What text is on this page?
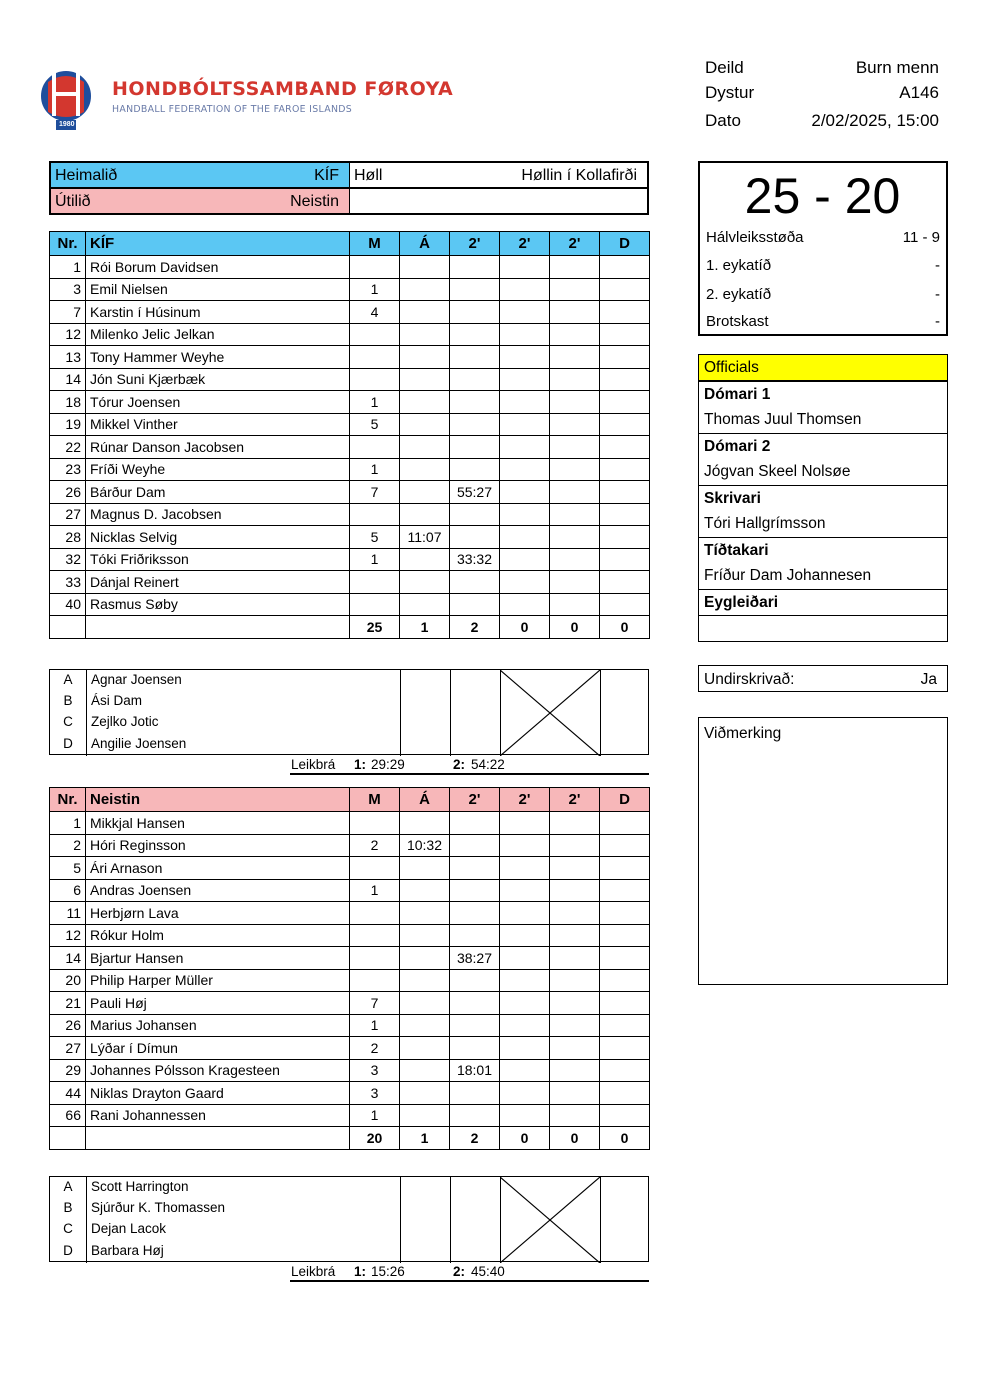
1980
HONDBÓLTSSAMBAND FØROYA
HANDBALL FEDERATION OF THE FAROE ISLANDS
Deild	Burn menn
Dystur	A146
Dato	2/02/2025, 15:00
Heimalið	KÍF
Útilið	Neistin
Høll	Høllin í Kollafirði
Nr.	KÍF	M	Á	2'	2'	2'	D
1	Rói Borum Davidsen						
3	Emil Nielsen	1					
7	Karstin í Húsinum	4					
12	Milenko Jelic Jelkan						
13	Tony Hammer Weyhe						
14	Jón Suni Kjærbæk						
18	Tórur Joensen	1					
19	Mikkel Vinther	5					
22	Rúnar Danson Jacobsen						
23	Fríði Weyhe	1					
26	Bárður Dam	7		55:27			
27	Magnus D. Jacobsen						
28	Nicklas Selvig	5	11:07				
32	Tóki Friðriksson	1		33:32			
33	Dánjal Reinert						
40	Rasmus Søby						
		25	1	2	0	0	0
A	Agnar Joensen
B	Ási Dam
C	Zejlko Jotic
D	Angilie Joensen
Leikbrá 1: 29:29	2: 54:22
Nr.	Neistin	M	Á	2'	2'	2'	D
1	Mikkjal Hansen						
2	Hóri Reginsson	2	10:32				
5	Ári Arnason						
6	Andras Joensen	1					
11	Herbjørn Lava						
12	Rókur Holm						
14	Bjartur Hansen			38:27			
20	Philip Harper Müller						
21	Pauli Høj	7					
26	Marius Johansen	1					
27	Lýðar í Dímun	2					
29	Johannes Pólsson Kragesteen	3		18:01			
44	Niklas Drayton Gaard	3					
66	Rani Johannessen	1					
		20	1	2	0	0	0
A	Scott Harrington
B	Sjúrður K. Thomassen
C	Dejan Lacok
D	Barbara Høj
Leikbrá 1: 15:26	2: 45:40
25 - 20
Hálvleiksstøða	11 - 9
1. eykatíð	-
2. eykatíð	-
Brotskast	-
Officials
Dómari 1
Thomas Juul Thomsen
Dómari 2
Jógvan Skeel Nolsøe
Skrivari
Tóri Hallgrímsson
Tíðtakari
Fríður Dam Johannesen
Eygleiðari
Undirskrivað:	Ja
Viðmerking
